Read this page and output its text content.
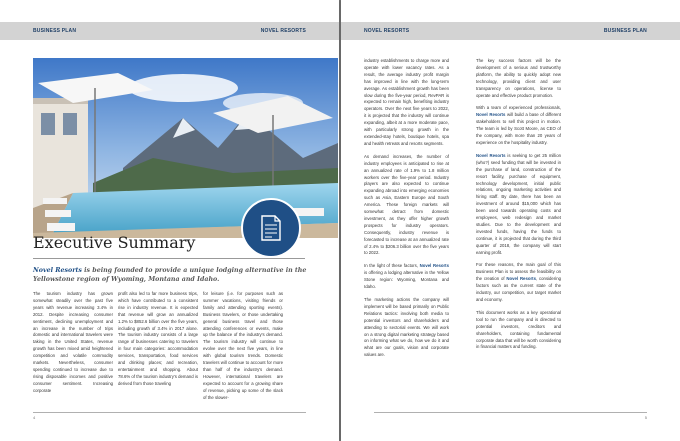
BUSINESS PLAN	NOVEL RESORTS
Executive Summary
Novel Resorts is being founded to provide a unique lodging alternative in the Yellowstone region of Wyoming, Montana and Idaho.
The tourism industry has grown somewhat steadily over the past five years with revenue increasing 3.4% in 2012. Despite increasing consumer sentiment, declining unemployment and an increase in the number of trips domestic and international travelers were taking in the United States, revenue growth has been mixed amid heightened competition and volatile commodity markets. Nevertheless, consumer spending continued to increase due to rising disposable incomes and positive consumer sentiment. Increasing corporate
profit also led to far more business trips, which have contributed to a consistent rise in industry revenue. It is expected that revenue will grow an annualized 1.2% to $852.6 billion over the five years, including growth of 3.4% in 2017 alone. The tourism industry consists of a large range of businesses catering to travelers in four main categories: accommodation services, transportation, food services and drinking places; and recreation, entertainment and shopping. About 78.6% of the tourism industry's demand is derived from those traveling
for leisure (i.e. for purposes such as summer vacations, visiting friends or family and attending sporting events). Business travelers, or those undertaking general business travel and those attending conferences or events, make up the balance of the industry's demand. The tourism industry will continue to evolve over the next five years, in line with global tourism trends. Domestic travelers will continue to account for more than half of the industry's demand. However, international travelers are expected to account for a growing share of revenue, picking up some of the slack of the slower-
4
NOVEL RESORTS	BUSINESS PLAN

industry establishments to charge more and operate with lower vacancy rates. As a result, the average industry profit margin has improved in line with the long-term average. As establishment growth has been slow during the five-year period, RevPAR is expected to remain high, benefiting industry operators. Over the next five years to 2022, it is projected that the industry will continue expanding, albeit at a more moderate pace, with particularly strong growth in the extended-stay hotels, boutique hotels, spa and health retreats and resorts segments.

As demand increases, the number of industry employees is anticipated to rise at an annualized rate of 1.9% to 1.8 million workers over the five-year period. Industry players are also expected to continue expanding abroad into emerging economies such as Asia, Eastern Europe and South America. These foreign markets will somewhat detract from domestic investment, as they offer higher growth prospects for industry operators. Consequently, industry revenue is forecasted to increase at an annualized rate of 2.4% to $206.3 billion over the five years to 2022.

In the light of these factors, Novel Resorts is offering a lodging alternative in the Yellow Stone region: Wyoming, Montana and Idaho.

The marketing actions the company will implement will be based primarily on Public Relations tactics: involving both media to potential investors and shareholders and attending to sectorial events. We will work on a strong digital marketing strategy based on informing what we do, how we do it and what are our goals, vision and corporate values are.

The key success factors will be the development of a serious and trustworthy platform, the ability to quickly adopt new technology, providing client and user transparency on operations, license to operate and effective product promotion.

With a team of experienced professionals, Novel Resorts will build a base of different stakeholders to sell this project in motion. The team is led by Scott Moore, as CEO of the company, with more than 20 years of experience on the hospitality industry.

Novel Resorts is seeking to get 25 million (who?) seed funding that will be invested in the purchase of land, construction of the resort facility, purchase of equipment, technology development, initial public relations, ongoing marketing activities and hiring staff. By date, there has been an investment of around $15,000 which has been used towards operating costs and employees, web redesign and market studies. Due to the development and invested funds, having the funds to continue, it is projected that during the third quarter of 2018, the company will start earning profit.

For these reasons, the main goal of this Business Plan is to assess the feasibility on the creation of Novel Resorts, considering factors such as the current state of the industry, our competition, our target market and economy.

This document works as a key operational tool to run the company and is directed to potential investors, creditors and shareholders, containing fundamental corporate data that will be worth considering in financial matters and funding.

5
